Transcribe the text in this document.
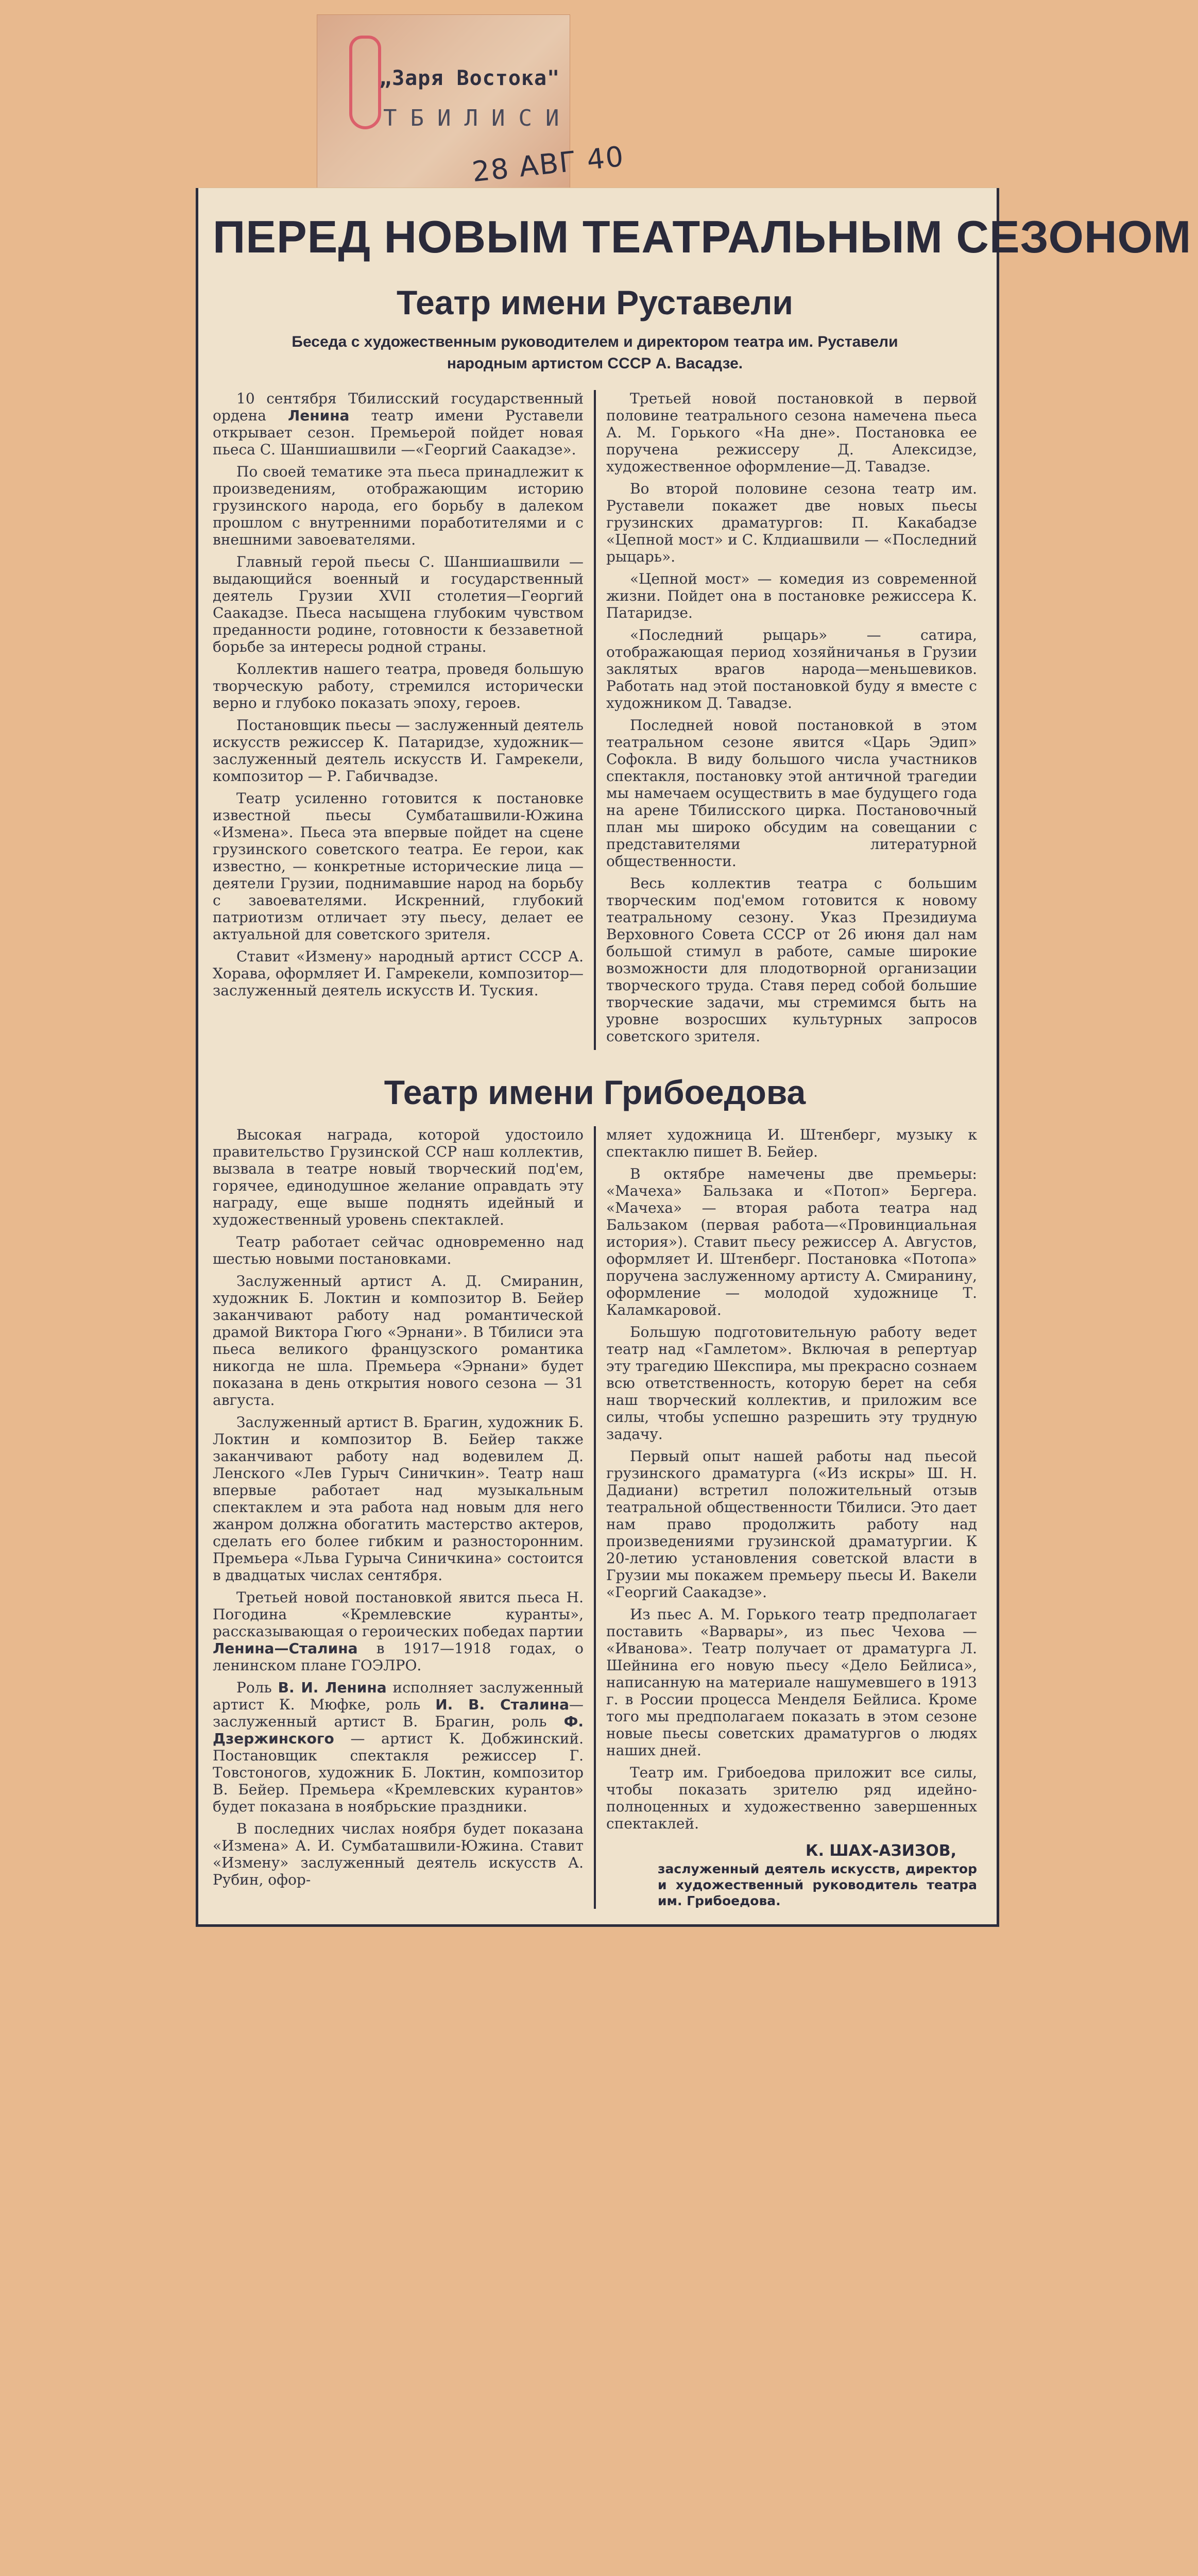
„Заря Востока"
ТБИЛИСИ
28 АВГ 40
ПЕРЕД НОВЫМ ТЕАТРАЛЬНЫМ СЕЗОНОМ
Театр имени Руставели
Беседа с художественным руководителем и директором театра им. Руставели
народным артистом СССР А. Васадзе.

10 сентября Тбилисский государственный ордена Ленина театр имени Руставели открывает сезон. Премьерой пойдет новая пьеса С. Шаншиашвили —«Георгий Саакадзе».

По своей тематике эта пьеса принадлежит к произведениям, отображающим историю грузинского народа, его борьбу в далеком прошлом с внутренними поработителями и с внешними завоевателями.

Главный герой пьесы С. Шаншиашвили — выдающийся военный и государственный деятель Грузии XVII столетия—Георгий Саакадзе. Пьеса насыщена глубоким чувством преданности родине, готовности к беззаветной борьбе за интересы родной страны.

Коллектив нашего театра, проведя большую творческую работу, стремился исторически верно и глубоко показать эпоху, героев.

Постановщик пьесы — заслуженный деятель искусств режиссер К. Патаридзе, художник—заслуженный деятель искусств И. Гамрекели, композитор — Р. Габичвадзе.

Театр усиленно готовится к постановке известной пьесы Сумбаташвили-Южина «Измена». Пьеса эта впервые пойдет на сцене грузинского советского театра. Ее герои, как известно, — конкретные исторические лица — деятели Грузии, поднимавшие народ на борьбу с завоевателями. Искренний, глубокий патриотизм отличает эту пьесу, делает ее актуальной для советского зрителя.

Ставит «Измену» народный артист СССР А. Хорава, оформляет И. Гамрекели, композитор—заслуженный деятель искусств И. Туския.

Третьей новой постановкой в первой половине театрального сезона намечена пьеса А. М. Горького «На дне». Постановка ее поручена режиссеру Д. Алексидзе, художественное оформление—Д. Тавадзе.

Во второй половине сезона театр им. Руставели покажет две новых пьесы грузинских драматургов: П. Какабадзе «Цепной мост» и С. Клдиашвили — «Последний рыцарь».

«Цепной мост» — комедия из современной жизни. Пойдет она в постановке режиссера К. Патаридзе.

«Последний рыцарь» — сатира, отображающая период хозяйничанья в Грузии заклятых врагов народа—меньшевиков. Работать над этой постановкой буду я вместе с художником Д. Тавадзе.

Последней новой постановкой в этом театральном сезоне явится «Царь Эдип» Софокла. В виду большого числа участников спектакля, постановку этой античной трагедии мы намечаем осуществить в мае будущего года на арене Тбилисского цирка. Постановочный план мы широко обсудим на совещании с представителями литературной общественности.

Весь коллектив театра с большим творческим под'емом готовится к новому театральному сезону. Указ Президиума Верховного Совета СССР от 26 июня дал нам большой стимул в работе, самые широкие возможности для плодотворной организации творческого труда. Ставя перед собой большие творческие задачи, мы стремимся быть на уровне возросших культурных запросов советского зрителя.

Театр имени Грибоедова

Высокая награда, которой удостоило правительство Грузинской ССР наш коллектив, вызвала в театре новый творческий под'ем, горячее, единодушное желание оправдать эту награду, еще выше поднять идейный и художественный уровень спектаклей.

Театр работает сейчас одновременно над шестью новыми постановками.

Заслуженный артист А. Д. Смиранин, художник Б. Локтин и композитор В. Бейер заканчивают работу над романтической драмой Виктора Гюго «Эрнани». В Тбилиси эта пьеса великого французского романтика никогда не шла. Премьера «Эрнани» будет показана в день открытия нового сезона — 31 августа.

Заслуженный артист В. Брагин, художник Б. Локтин и композитор В. Бейер также заканчивают работу над водевилем Д. Ленского «Лев Гурыч Синичкин». Театр наш впервые работает над музыкальным спектаклем и эта работа над новым для него жанром должна обогатить мастерство актеров, сделать его более гибким и разносторонним. Премьера «Льва Гурыча Синичкина» состоится в двадцатых числах сентября.

Третьей новой постановкой явится пьеса Н. Погодина «Кремлевские куранты», рассказывающая о героических победах партии Ленина—Сталина в 1917—1918 годах, о ленинском плане ГОЭЛРО.

Роль В. И. Ленина исполняет заслуженный артист К. Мюфке, роль И. В. Сталина—заслуженный артист В. Брагин, роль Ф. Дзержинского — артист К. Добжинский. Постановщик спектакля режиссер Г. Товстоногов, художник Б. Локтин, композитор В. Бейер. Премьера «Кремлевских курантов» будет показана в ноябрьские праздники.

В последних числах ноября будет показана «Измена» А. И. Сумбаташвили-Южина. Ставит «Измену» заслуженный деятель искусств А. Рубин, офор-

мляет художница И. Штенберг, музыку к спектаклю пишет В. Бейер.

В октябре намечены две премьеры: «Мачеха» Бальзака и «Потоп» Бергера. «Мачеха» — вторая работа театра над Бальзаком (первая работа—«Провинциальная история»). Ставит пьесу режиссер А. Августов, оформляет И. Штенберг. Постановка «Потопа» поручена заслуженному артисту А. Смиранину, оформление — молодой художнице Т. Каламкаровой.

Большую подготовительную работу ведет театр над «Гамлетом». Включая в репертуар эту трагедию Шекспира, мы прекрасно сознаем всю ответственность, которую берет на себя наш творческий коллектив, и приложим все силы, чтобы успешно разрешить эту трудную задачу.

Первый опыт нашей работы над пьесой грузинского драматурга («Из искры» Ш. Н. Дадиани) встретил положительный отзыв театральной общественности Тбилиси. Это дает нам право продолжить работу над произведениями грузинской драматургии. К 20-летию установления советской власти в Грузии мы покажем премьеру пьесы И. Вакели «Георгий Саакадзе».

Из пьес А. М. Горького театр предполагает поставить «Варвары», из пьес Чехова — «Иванова». Театр получает от драматурга Л. Шейнина его новую пьесу «Дело Бейлиса», написанную на материале нашумевшего в 1913 г. в России процесса Менделя Бейлиса. Кроме того мы предполагаем показать в этом сезоне новые пьесы советских драматургов о людях наших дней.

Театр им. Грибоедова приложит все силы, чтобы показать зрителю ряд идейно-полноценных и художественно завершенных спектаклей.

К. ШАХ-АЗИЗОВ,
заслуженный деятель искусств, директор и художественный руководитель театра им. Грибоедова.
